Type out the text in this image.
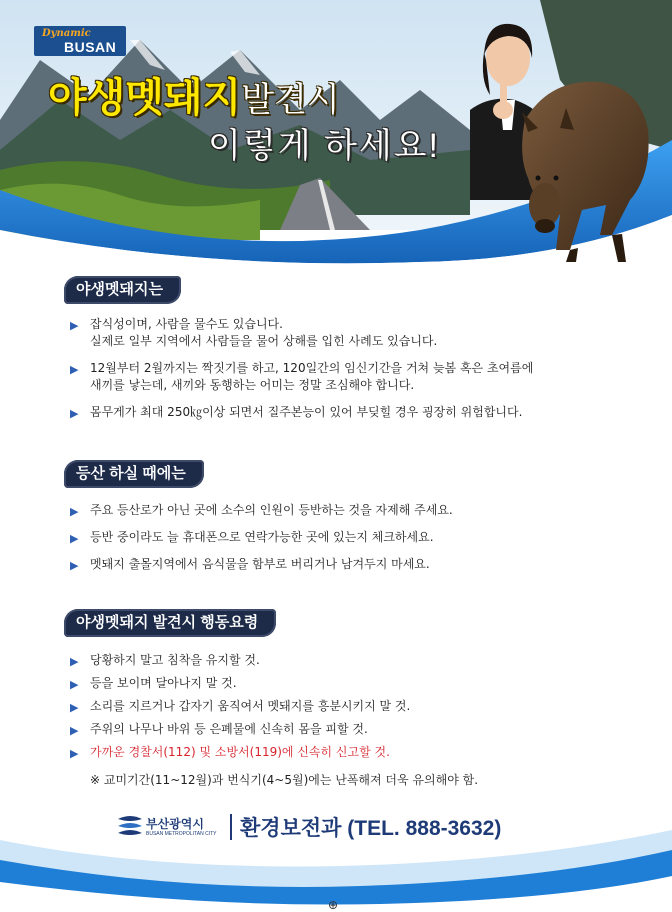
Dynamic
BUSAN
야생멧돼지발견시
이렇게 하세요!
야생멧돼지는
▶ 잡식성이며, 사람을 물수도 있습니다.
실제로 일부 지역에서 사람들을 물어 상해를 입힌 사례도 있습니다.
▶ 12월부터 2월까지는 짝짓기를 하고, 120일간의 임신기간을 거쳐 늦봄 혹은 초여름에
새끼를 낳는데, 새끼와 동행하는 어미는 정말 조심해야 합니다.
▶ 몸무게가 최대 250㎏이상 되면서 질주본능이 있어 부딪힐 경우 굉장히 위험합니다.
등산 하실 때에는
▶ 주요 등산로가 아닌 곳에 소수의 인원이 등반하는 것을 자제해 주세요.
▶ 등반 중이라도 늘 휴대폰으로 연락가능한 곳에 있는지 체크하세요.
▶ 멧돼지 출몰지역에서 음식물을 함부로 버리거나 남겨두지 마세요.
야생멧돼지 발견시 행동요령
▶ 당황하지 말고 침착을 유지할 것.
▶ 등을 보이며 달아나지 말 것.
▶ 소리를 지르거나 갑자기 움직여서 멧돼지를 흥분시키지 말 것.
▶ 주위의 나무나 바위 등 은폐물에 신속히 몸을 피할 것.
▶ 가까운 경찰서(112) 및 소방서(119)에 신속히 신고할 것.
※ 교미기간(11~12월)과 번식기(4~5월)에는 난폭해져 더욱 유의해야 함.
부산광역시
BUSAN METROPOLITAN CITY 환경보전과 (TEL. 888-3632)
⊕
